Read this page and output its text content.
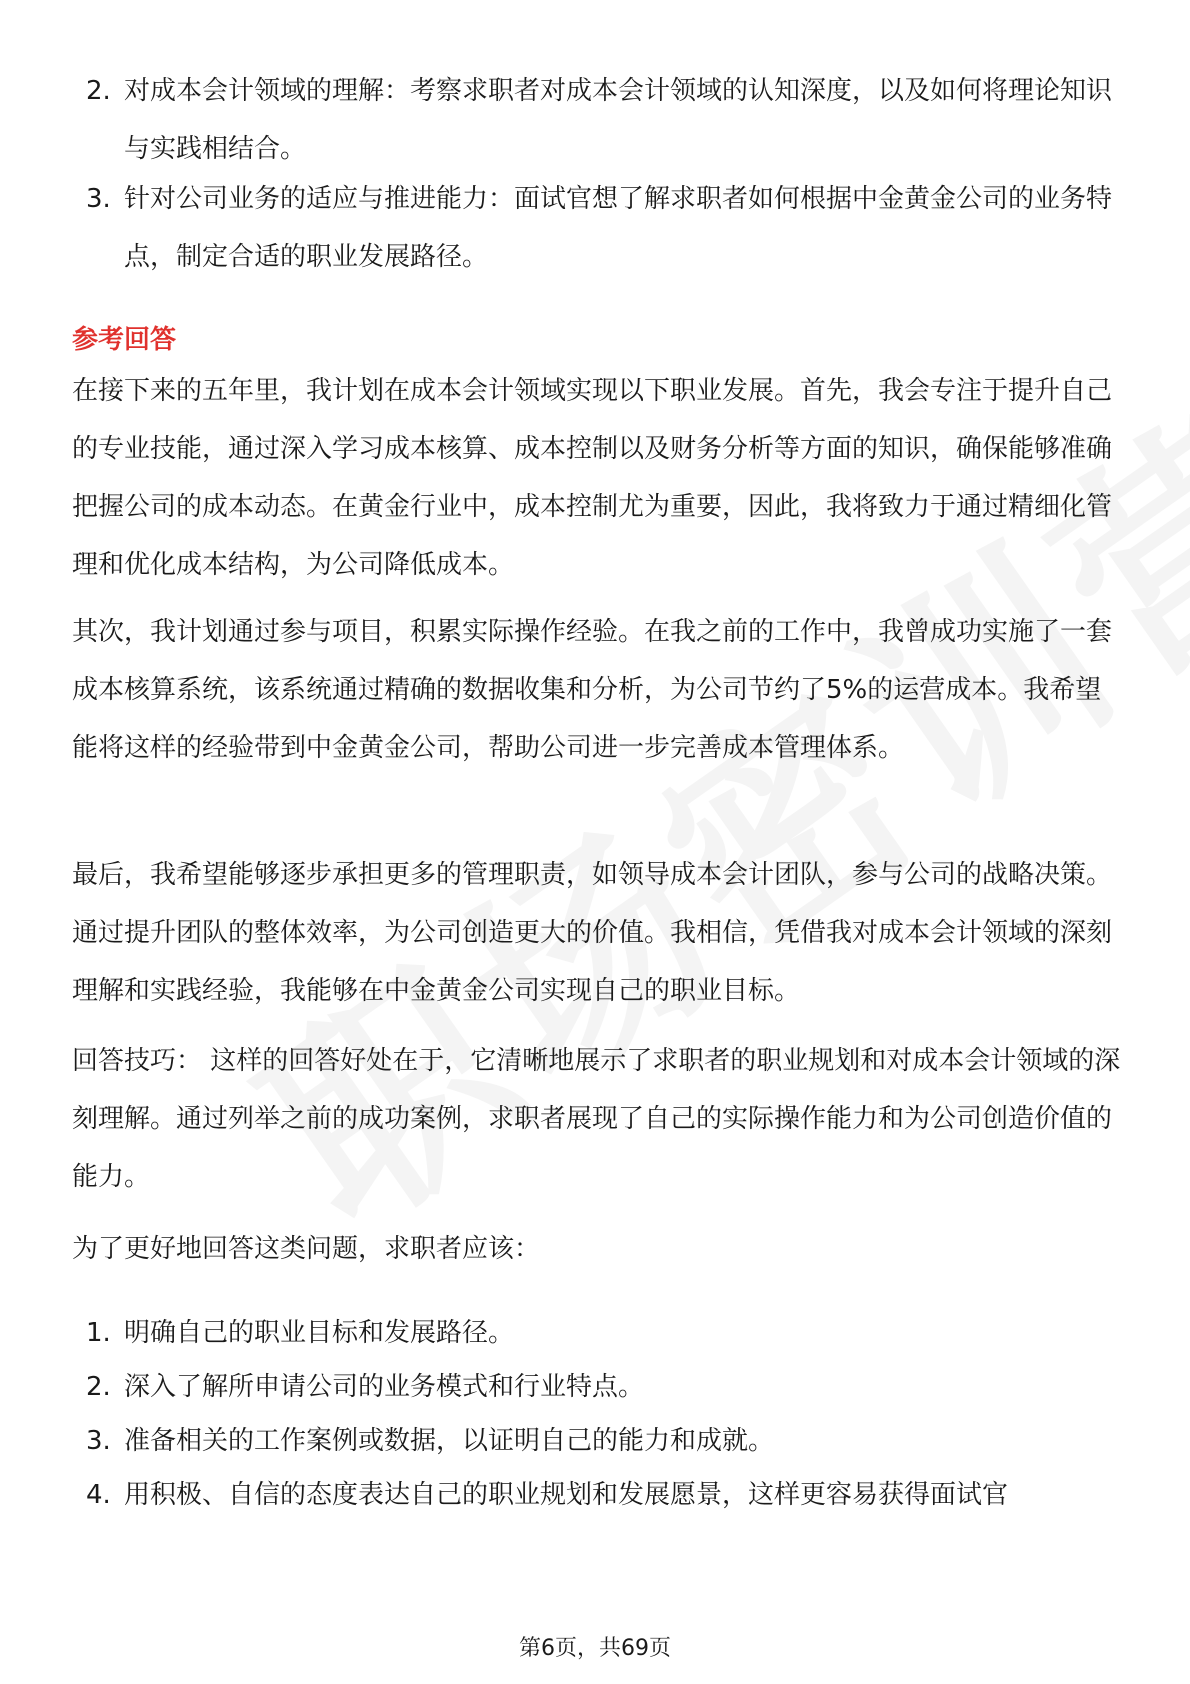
2. 对成本会计领域的理解：考察求职者对成本会计领域的认知深度，以及如何将理论知识与实践相结合。
3. 针对公司业务的适应与推进能力：面试官想了解求职者如何根据中金黄金公司的业务特点，制定合适的职业发展路径。
参考回答
在接下来的五年里，我计划在成本会计领域实现以下职业发展。首先，我会专注于提升自己的专业技能，通过深入学习成本核算、成本控制以及财务分析等方面的知识，确保能够准确把握公司的成本动态。在黄金行业中，成本控制尤为重要，因此，我将致力于通过精细化管理和优化成本结构，为公司降低成本。
其次，我计划通过参与项目，积累实际操作经验。在我之前的工作中，我曾成功实施了一套成本核算系统，该系统通过精确的数据收集和分析，为公司节约了5%的运营成本。我希望能将这样的经验带到中金黄金公司，帮助公司进一步完善成本管理体系。
最后，我希望能够逐步承担更多的管理职责，如领导成本会计团队，参与公司的战略决策。通过提升团队的整体效率，为公司创造更大的价值。我相信，凭借我对成本会计领域的深刻理解和实践经验，我能够在中金黄金公司实现自己的职业目标。
回答技巧： 这样的回答好处在于，它清晰地展示了求职者的职业规划和对成本会计领域的深刻理解。通过列举之前的成功案例，求职者展现了自己的实际操作能力和为公司创造价值的能力。
为了更好地回答这类问题，求职者应该：
1. 明确自己的职业目标和发展路径。
2. 深入了解所申请公司的业务模式和行业特点。
3. 准备相关的工作案例或数据，以证明自己的能力和成就。
4. 用积极、自信的态度表达自己的职业规划和发展愿景，这样更容易获得面试官
第6页，共69页
